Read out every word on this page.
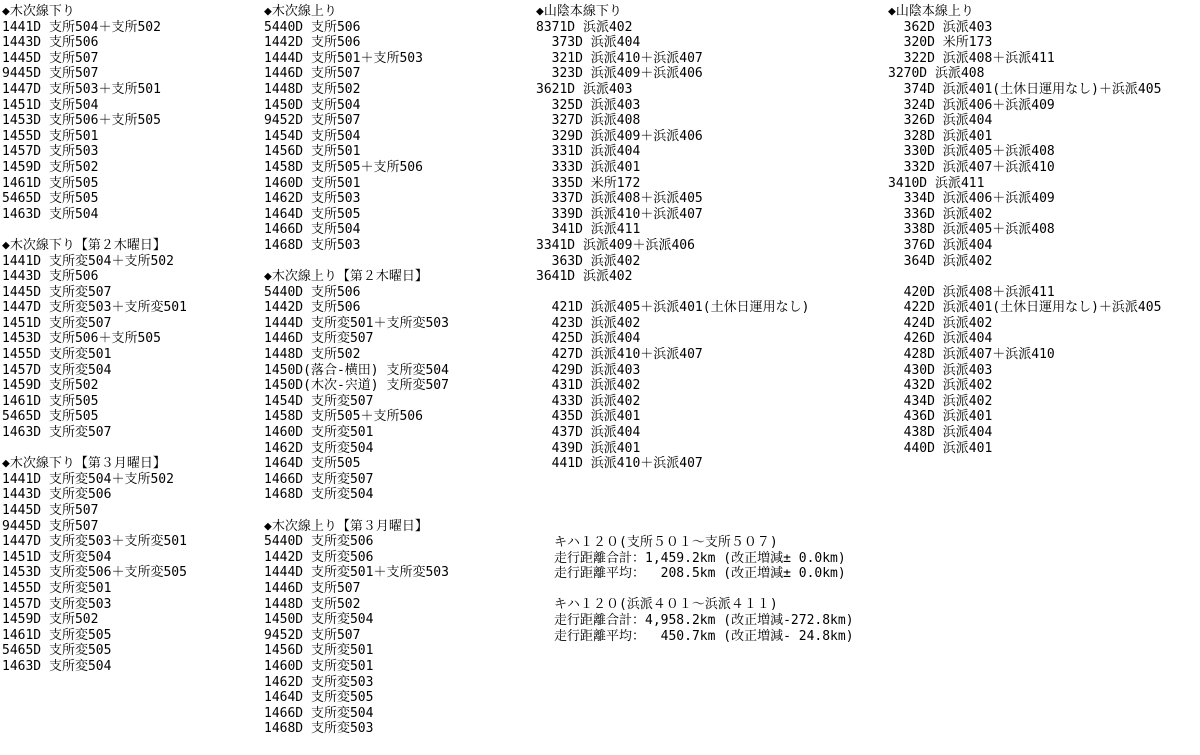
◆木次線下り
1441D 支所504＋支所502
1443D 支所506
1445D 支所507
9445D 支所507
1447D 支所503＋支所501
1451D 支所504
1453D 支所506＋支所505
1455D 支所501
1457D 支所503
1459D 支所502
1461D 支所505
5465D 支所505
1463D 支所504
◆木次線下り【第２木曜日】
1441D 支所変504＋支所502
1443D 支所506
1445D 支所変507
1447D 支所変503＋支所変501
1451D 支所変507
1453D 支所506＋支所505
1455D 支所変501
1457D 支所変504
1459D 支所502
1461D 支所505
5465D 支所505
1463D 支所変507
◆木次線下り【第３月曜日】
1441D 支所変504＋支所502
1443D 支所変506
1445D 支所507
9445D 支所507
1447D 支所変503＋支所変501
1451D 支所変504
1453D 支所変506＋支所変505
1455D 支所変501
1457D 支所変503
1459D 支所502
1461D 支所変505
5465D 支所変505
1463D 支所変504
◆木次線上り
5440D 支所506
1442D 支所506
1444D 支所501＋支所503
1446D 支所507
1448D 支所502
1450D 支所504
9452D 支所507
1454D 支所504
1456D 支所501
1458D 支所505＋支所506
1460D 支所501
1462D 支所503
1464D 支所505
1466D 支所504
1468D 支所503
◆木次線上り【第２木曜日】
5440D 支所506
1442D 支所506
1444D 支所変501＋支所変503
1446D 支所変507
1448D 支所502
1450D(落合-横田) 支所変504
1450D(木次-宍道) 支所変507
1454D 支所変507
1458D 支所505＋支所506
1460D 支所変501
1462D 支所変504
1464D 支所505
1466D 支所変507
1468D 支所変504
◆木次線上り【第３月曜日】
5440D 支所変506
1442D 支所変506
1444D 支所変501＋支所変503
1446D 支所507
1448D 支所502
1450D 支所変504
9452D 支所507
1456D 支所変501
1460D 支所変501
1462D 支所変503
1464D 支所変505
1466D 支所変504
1468D 支所変503
◆山陰本線下り
8371D 浜派402
373D 浜派404
321D 浜派410＋浜派407
323D 浜派409＋浜派406
3621D 浜派403
325D 浜派403
327D 浜派408
329D 浜派409＋浜派406
331D 浜派404
333D 浜派401
335D 米所172
337D 浜派408＋浜派405
339D 浜派410＋浜派407
341D 浜派411
3341D 浜派409＋浜派406
363D 浜派402
3641D 浜派402
421D 浜派405＋浜派401(土休日運用なし)
423D 浜派402
425D 浜派404
427D 浜派410＋浜派407
429D 浜派403
431D 浜派402
433D 浜派402
435D 浜派401
437D 浜派404
439D 浜派401
441D 浜派410＋浜派407
◆山陰本線上り
362D 浜派403
320D 米所173
322D 浜派408＋浜派411
3270D 浜派408
374D 浜派401(土休日運用なし)＋浜派405
324D 浜派406＋浜派409
326D 浜派404
328D 浜派401
330D 浜派405＋浜派408
332D 浜派407＋浜派410
3410D 浜派411
334D 浜派406＋浜派409
336D 浜派402
338D 浜派405＋浜派408
376D 浜派404
364D 浜派402
420D 浜派408＋浜派411
422D 浜派401(土休日運用なし)＋浜派405
424D 浜派402
426D 浜派404
428D 浜派407＋浜派410
430D 浜派403
432D 浜派402
434D 浜派402
436D 浜派401
438D 浜派404
440D 浜派401
キハ１２０(支所５０１～支所５０７)
走行距離合計：1,459.2km (改正増減± 0.0km)
走行距離平均：  208.5km (改正増減± 0.0km)
キハ１２０(浜派４０１～浜派４１１)
走行距離合計：4,958.2km (改正増減-272.8km)
走行距離平均：  450.7km (改正増減- 24.8km)
